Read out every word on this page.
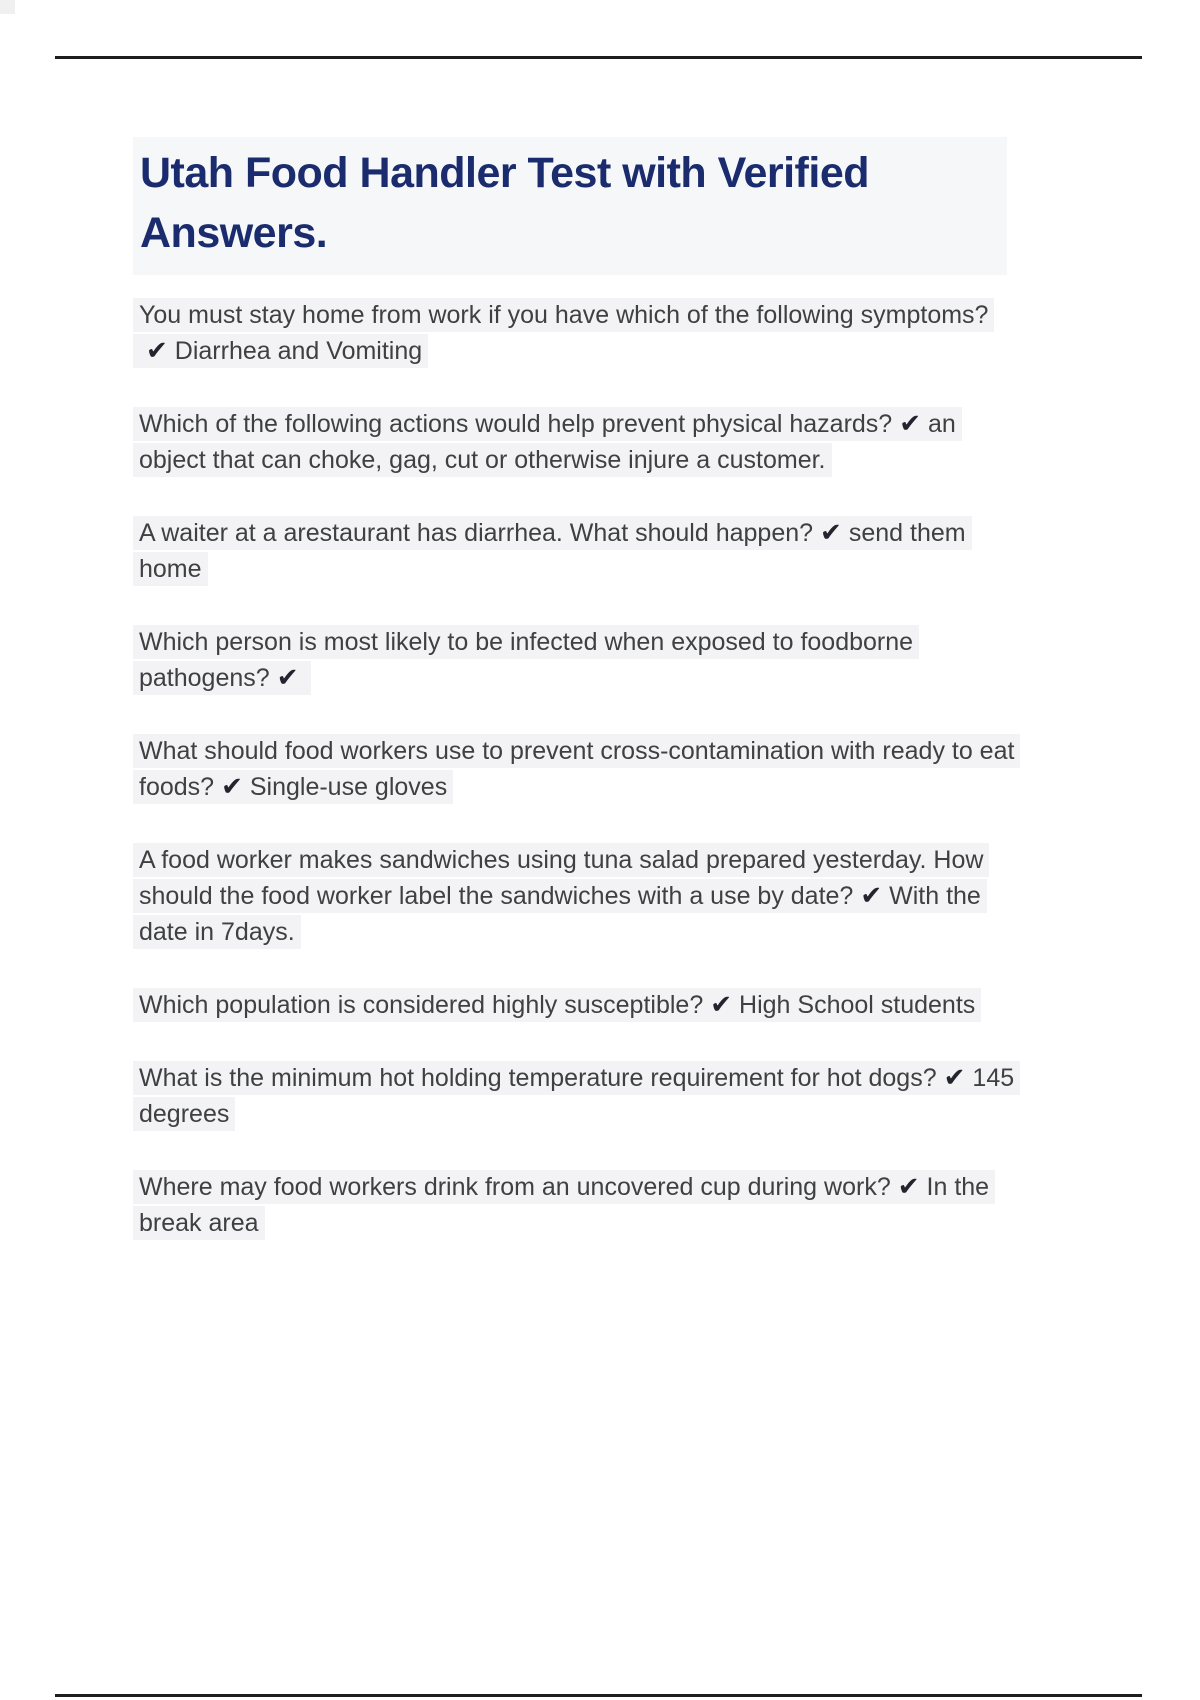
Utah Food Handler Test with Verified Answers.

You must stay home from work if you have which of the following symptoms?✔ Diarrhea and Vomiting

Which of the following actions would help prevent physical hazards? ✔ an object that can choke, gag, cut or otherwise injure a customer.

A waiter at a arestaurant has diarrhea. What should happen? ✔ send them home

Which person is most likely to be infected when exposed to foodborne pathogens? ✔

What should food workers use to prevent cross-contamination with ready to eat foods? ✔ Single-use gloves

A food worker makes sandwiches using tuna salad prepared yesterday. How should the food worker label the sandwiches with a use by date? ✔ With the date in 7days.

Which population is considered highly susceptible? ✔ High School students

What is the minimum hot holding temperature requirement for hot dogs? ✔ 145 degrees

Where may food workers drink from an uncovered cup during work? ✔ In the break area
